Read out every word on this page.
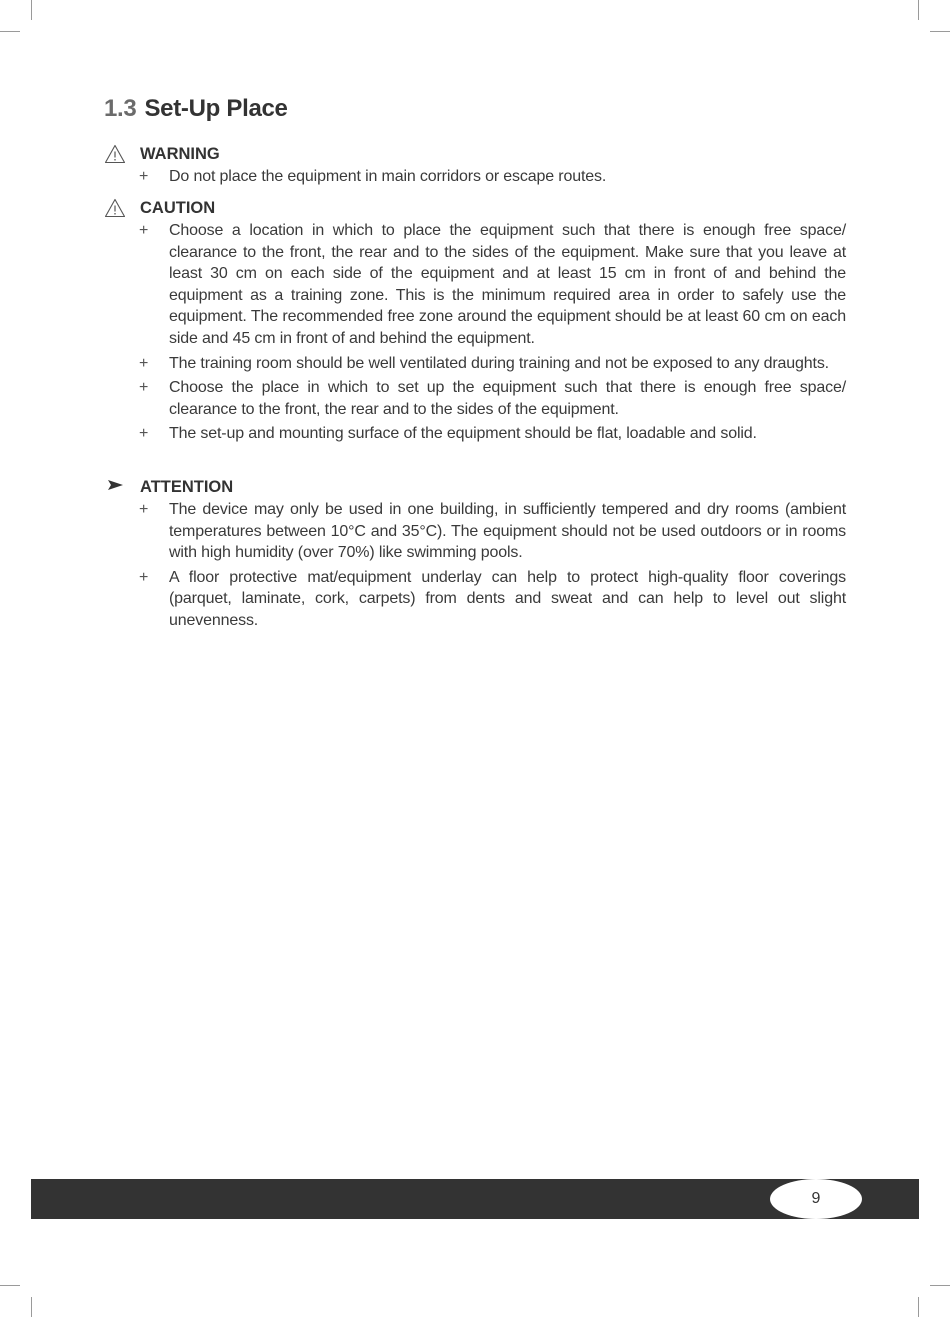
1.3 Set-Up Place
WARNING
+ Do not place the equipment in main corridors or escape routes.
CAUTION
+ Choose a location in which to place the equipment such that there is enough free space/ clearance to the front, the rear and to the sides of the equipment. Make sure that you leave at least 30 cm on each side of the equipment and at least 15 cm in front of and behind the equipment as a training zone. This is the minimum required area in order to safely use the equipment. The recommended free zone around the equipment should be at least 60 cm on each side and 45 cm in front of and behind the equipment.
+ The training room should be well ventilated during training and not be exposed to any draughts.
+ Choose the place in which to set up the equipment such that there is enough free space/ clearance to the front, the rear and to the sides of the equipment.
+ The set-up and mounting surface of the equipment should be flat, loadable and solid.
ATTENTION
+ The device may only be used in one building, in sufficiently tempered and dry rooms (ambient temperatures between 10°C and 35°C). The equipment should not be used outdoors or in rooms with high humidity (over 70%) like swimming pools.
+ A floor protective mat/equipment underlay can help to protect high-quality floor coverings (parquet, laminate, cork, carpets) from dents and sweat and can help to level out slight unevenness.
9
